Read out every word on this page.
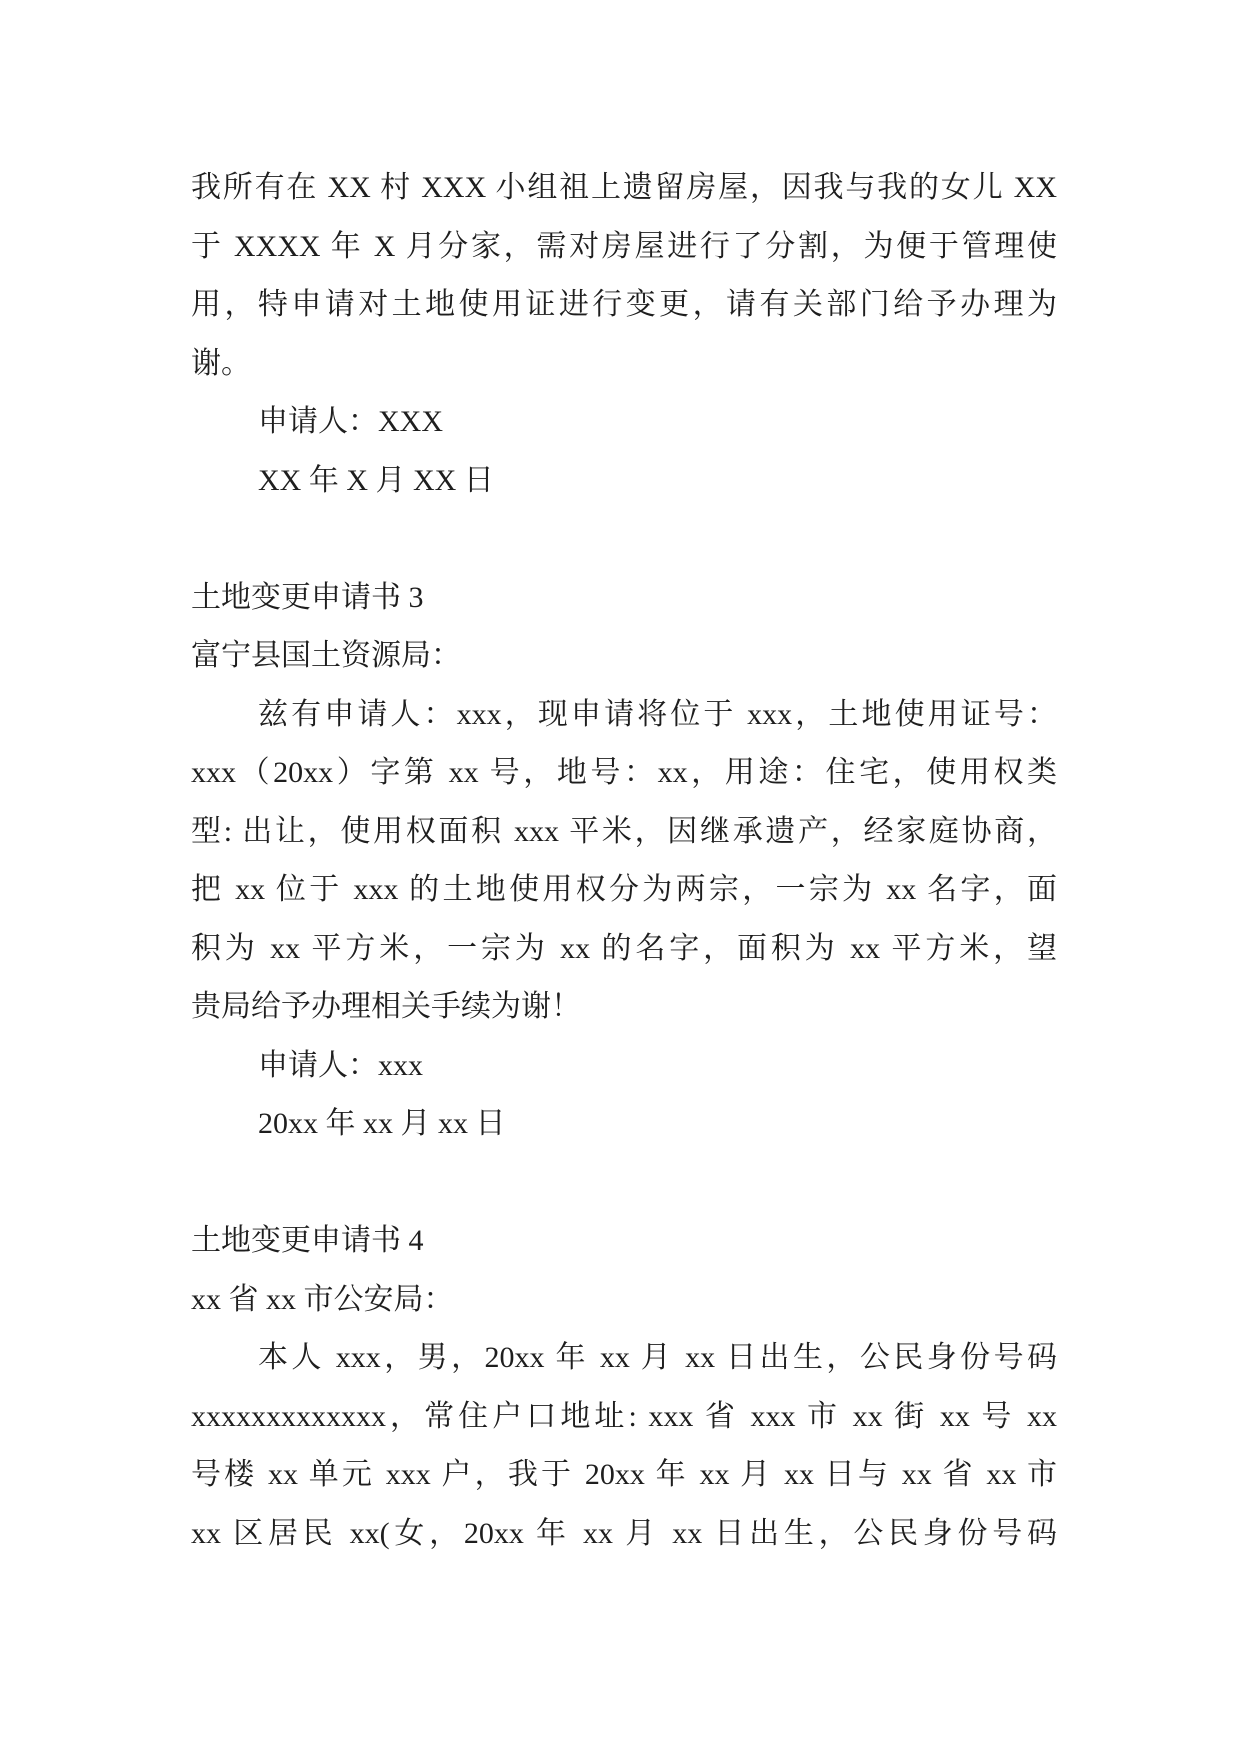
我所有在 XX 村 XXX 小组祖上遗留房屋，因我与我的女儿 XX
于 XXXX 年 X 月分家，需对房屋进行了分割，为便于管理使
用，特申请对土地使用证进行变更，请有关部门给予办理为
谢。
申请人：XXX
XX 年 X 月 XX 日
土地变更申请书 3
富宁县国土资源局：
兹有申请人：xxx，现申请将位于 xxx，土地使用证号：
xxx（20xx）字第 xx 号，地号：xx，用途：住宅，使用权类
型: 出让，使用权面积 xxx 平米，因继承遗产，经家庭协商，
把 xx 位于 xxx 的土地使用权分为两宗，一宗为 xx 名字，面
积为 xx 平方米，一宗为 xx 的名字，面积为 xx 平方米，望
贵局给予办理相关手续为谢！
申请人：xxx
20xx 年 xx 月 xx 日
土地变更申请书 4
xx 省 xx 市公安局：
本人 xxx，男，20xx 年 xx 月 xx 日出生，公民身份号码
xxxxxxxxxxxxx，常住户口地址: xxx 省 xxx 市 xx 街 xx 号 xx
号楼 xx 单元 xxx 户，我于 20xx 年 xx 月 xx 日与 xx 省 xx 市
xx 区居民 xx(女，20xx 年 xx 月 xx 日出生，公民身份号码
